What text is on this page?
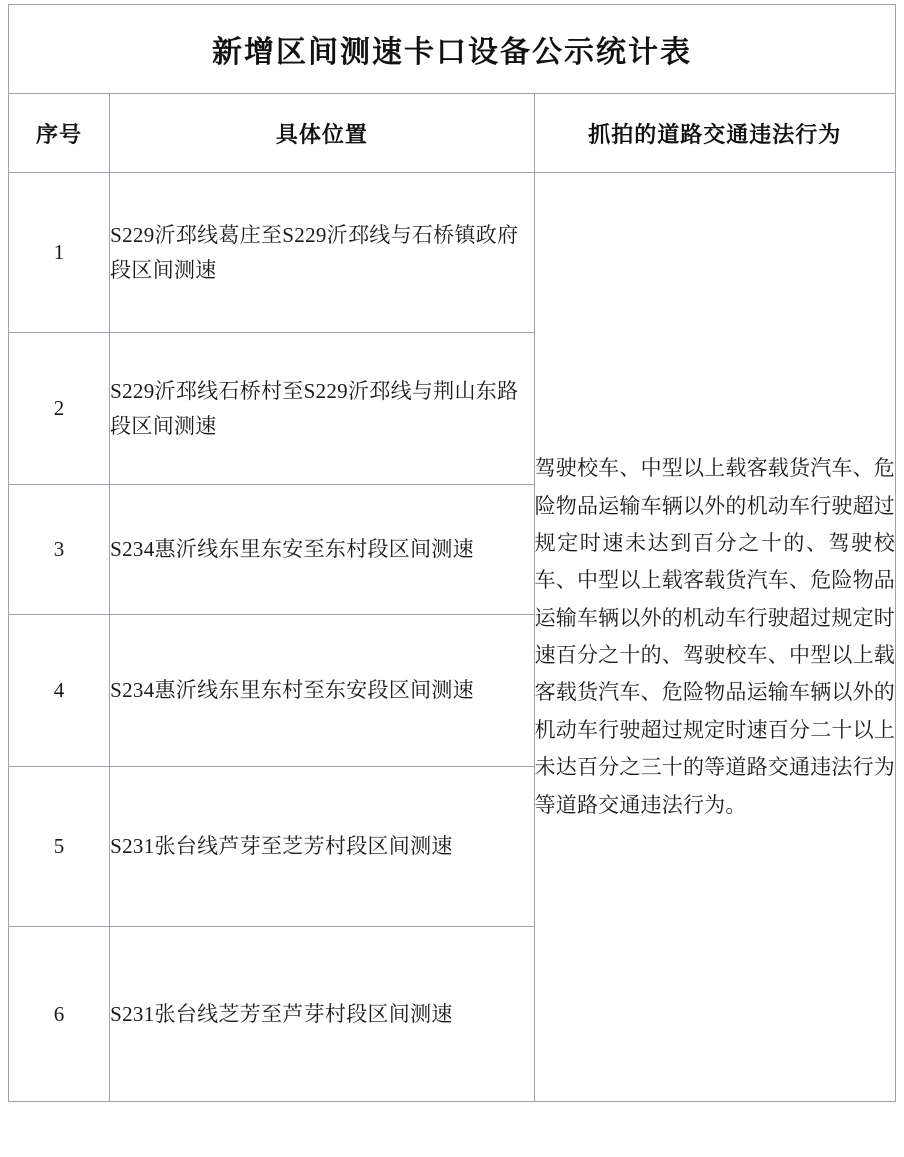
新增区间测速卡口设备公示统计表		
序号	具体位置	抓拍的道路交通违法行为
1	S229沂邳线葛庄至S229沂邳线与石桥镇政府段区间测速	驾驶校车、中型以上载客载货汽车、危险物品运输车辆以外的机动车行驶超过规定时速未达到百分之十的、驾驶校车、中型以上载客载货汽车、危险物品运输车辆以外的机动车行驶超过规定时速百分之十的、驾驶校车、中型以上载客载货汽车、危险物品运输车辆以外的机动车行驶超过规定时速百分二十以上未达百分之三十的等道路交通违法行为等道路交通违法行为。
2	S229沂邳线石桥村至S229沂邳线与荆山东路段区间测速	
3	S234惠沂线东里东安至东村段区间测速	
4	S234惠沂线东里东村至东安段区间测速	
5	S231张台线芦芽至芝芳村段区间测速	
6	S231张台线芝芳至芦芽村段区间测速	
